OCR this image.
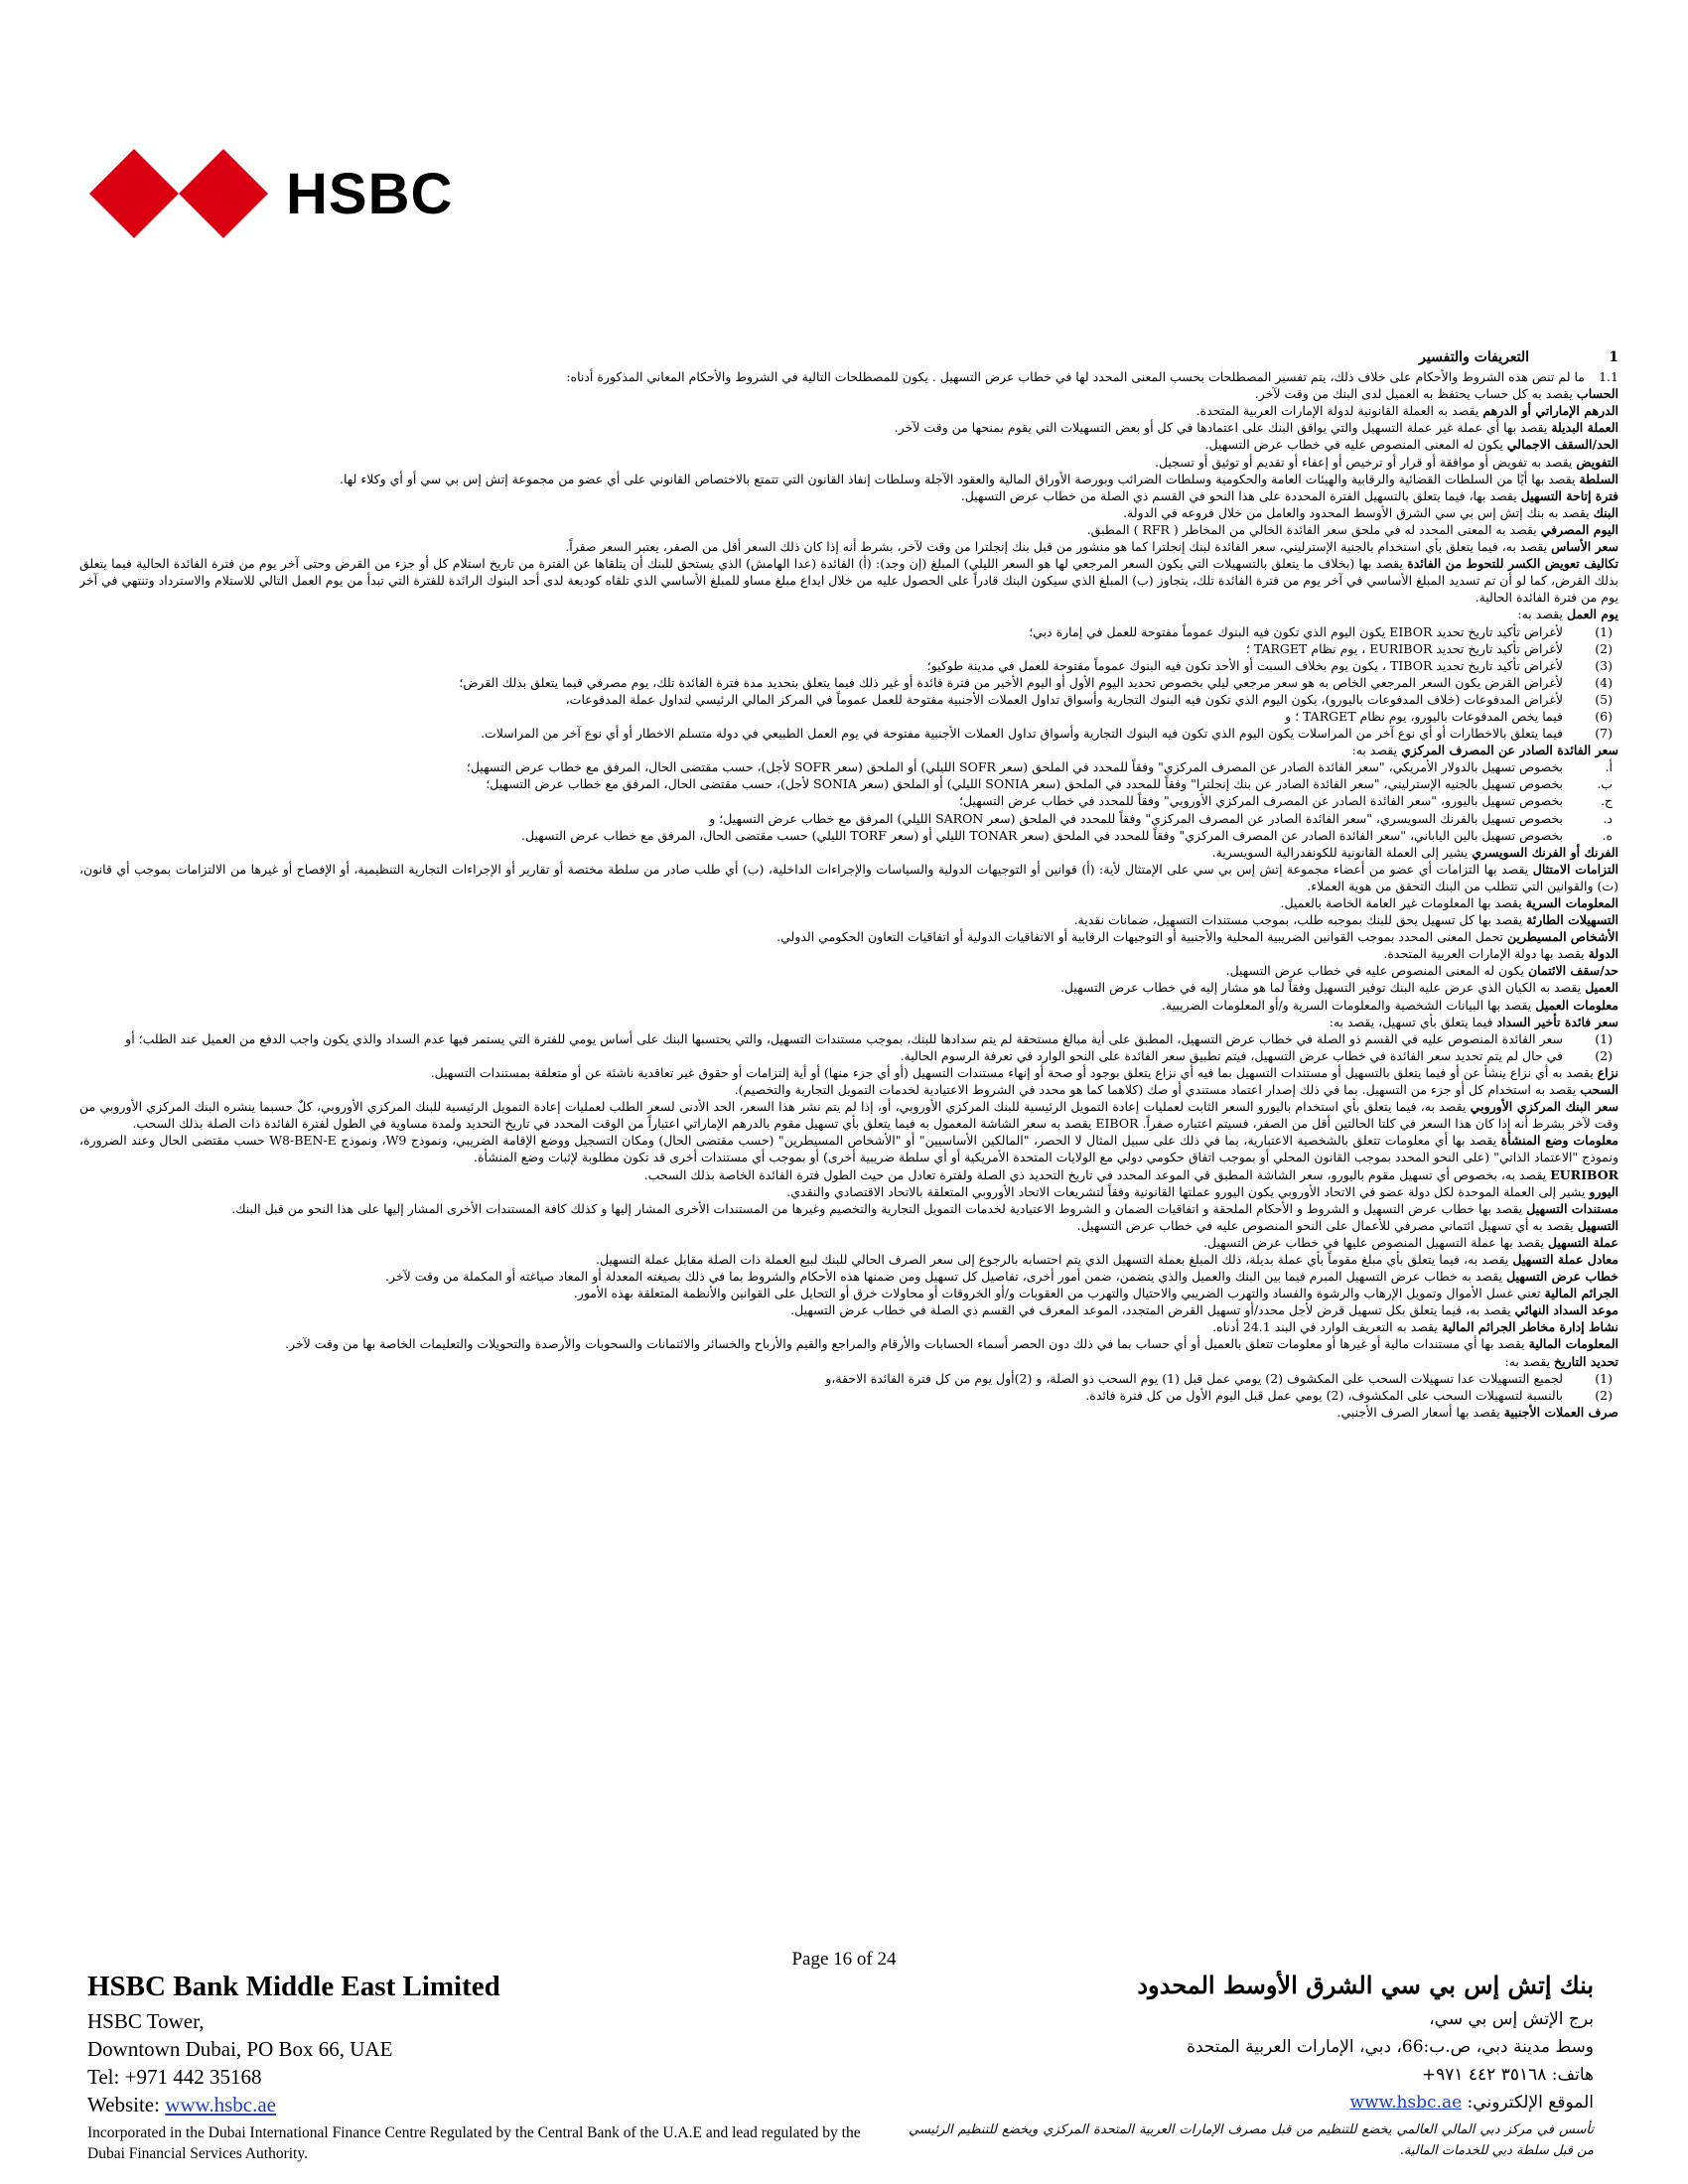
HSBC
1
التعريفات والتفسير
1.1ما لم تنص هذه الشروط والأحكام على خلاف ذلك، يتم تفسير المصطلحات بحسب المعنى المحدد لها في خطاب عرض التسهيل . يكون للمصطلحات التالية في الشروط والأحكام المعاني المذكورة أدناه:
الحساب يقصد به كل حساب يحتفظ به العميل لدى البنك من وقت لآخر.
الدرهم الإماراتي أو الدرهم يقصد به العملة القانونية لدولة الإمارات العربية المتحدة.
العملة البديلة يقصد بها أي عملة غير عملة التسهيل والتي يوافق البنك على اعتمادها في كل أو بعض التسهيلات التي يقوم بمنحها من وقت لآخر.
الحد/السقف الاجمالي يكون له المعنى المنصوص عليه في خطاب عرض التسهيل.
التفويض يقصد به تفويض أو موافقة أو قرار أو ترخيص أو إعفاء أو تقديم أو توثيق أو تسجيل.
السلطة يقصد بها أيًا من السلطات القضائية والرقابية والهيئات العامة والحكومية وسلطات الضرائب وبورصة الأوراق المالية والعقود الآجلة وسلطات إنفاذ القانون التي تتمتع بالاختصاص القانوني على أي عضو من مجموعة إتش إس بي سي أو أي وكلاء لها.
فترة إتاحة التسهيل يقصد بها، فيما يتعلق بالتسهيل الفترة المحددة على هذا النحو في القسم ذي الصلة من خطاب عرض التسهيل.
البنك يقصد به بنك إتش إس بي سي الشرق الأوسط المحدود والعامل من خلال فروعه في الدولة.
اليوم المصرفي يقصد به المعنى المحدد له في ملحق سعر الفائدة الخالي من المخاطر ( RFR ) المطبق.
سعر الأساس يقصد به، فيما يتعلق بأي استخدام بالجنية الإسترليني، سعر الفائدة لبنك إنجلترا كما هو منشور من قبل بنك إنجلترا من وقت لآخر، بشرط أنه إذا كان ذلك السعر أقل من الصفر، يعتبر السعر صفراً.
تكاليف تعويض الكسر للتحوط من الفائدة يقصد بها (بخلاف ما يتعلق بالتسهيلات التي يكون السعر المرجعي لها هو السعر الليلي) المبلغ (إن وجد): (أ) الفائدة (عدا الهامش) الذي يستحق للبنك أن يتلقاها عن الفترة من تاريخ استلام كل أو جزء من القرض وحتى آخر يوم من فترة الفائدة الحالية فيما يتعلق بذلك القرض، كما لو أن تم تسديد المبلغ الأساسي في آخر يوم من فترة الفائدة تلك، يتجاوز (ب) المبلغ الذي سيكون البنك قادراً على الحصول عليه من خلال ايداع مبلغ مساو للمبلغ الأساسي الذي تلقاه كوديعة لدى أحد البنوك الرائدة للفترة التي تبدأ من يوم العمل التالي للاستلام والاسترداد وتنتهي في آخر يوم من فترة الفائدة الحالية.
يوم العمل يقصد به:
(1)
لأغراض تأكيد تاريخ تحديد EIBOR يكون اليوم الذي تكون فيه البنوك عموماً مفتوحة للعمل في إمارة دبي؛
(2)
لأغراض تأكيد تاريخ تحديد EURIBOR ، يوم نظام TARGET ؛
(3)
لأغراض تأكيد تاريخ تحديد TIBOR ، يكون يوم بخلاف السبت أو الأحد تكون فيه البنوك عموماً مفتوحة للعمل في مدينة طوكيو؛
(4)
لأغراض القرض يكون السعر المرجعي الخاص به هو سعر مرجعي ليلي بخصوص تحديد اليوم الأول أو اليوم الأخير من فترة فائدة أو غير ذلك فيما يتعلق بتحديد مدة فترة الفائدة تلك، يوم مصرفي فيما يتعلق بذلك القرض؛
(5)
لأغراض المدفوعات (خلاف المدفوعات باليورو)، يكون اليوم الذي تكون فيه البنوك التجارية وأسواق تداول العملات الأجنبية مفتوحة للعمل عموماً في المركز المالي الرئيسي لتداول عملة المدفوعات،
(6)
فيما يخص المدفوعات باليورو، يوم نظام TARGET ؛ و
(7)
فيما يتعلق بالاخطارات أو أي نوع آخر من المراسلات يكون اليوم الذي تكون فيه البنوك التجارية وأسواق تداول العملات الأجنبية مفتوحة في يوم العمل الطبيعي في دولة متسلم الاخطار أو أي نوع آخر من المراسلات.
سعر الفائدة الصادر عن المصرف المركزي يقصد به:
أ.
بخصوص تسهيل بالدولار الأمريكي، "سعر الفائدة الصادر عن المصرف المركزي" وفقاً للمحدد في الملحق (سعر SOFR الليلي) أو الملحق (سعر SOFR لأجل)، حسب مقتضى الحال، المرفق مع خطاب عرض التسهيل؛
ب.
بخصوص تسهيل بالجنيه الإسترليني، "سعر الفائدة الصادر عن بنك إنجلترا" وفقاً للمحدد في الملحق (سعر SONIA الليلي) أو الملحق (سعر SONIA لأجل)، حسب مقتضى الحال، المرفق مع خطاب عرض التسهيل؛
ج.
بخصوص تسهيل باليورو، "سعر الفائدة الصادر عن المصرف المركزي الأوروبي" وفقاً للمحدد في خطاب عرض التسهيل؛
د.
بخصوص تسهيل بالفرنك السويسري، "سعر الفائدة الصادر عن المصرف المركزي" وفقاً للمحدد في الملحق (سعر SARON الليلي) المرفق مع خطاب عرض التسهيل؛ و
ه.
بخصوص تسهيل بالين الياباني، "سعر الفائدة الصادر عن المصرف المركزي" وفقاً للمحدد في الملحق (سعر TONAR الليلي أو (سعر TORF الليلي) حسب مقتضى الحال، المرفق مع خطاب عرض التسهيل.
الفرنك أو الفرنك السويسري يشير إلى العملة القانونية للكونفدرالية السويسرية.
التزامات الامتثال يقصد بها التزامات أي عضو من أعضاء مجموعة إتش إس بي سي على الإمتثال لأية: (أ) قوانين أو التوجيهات الدولية والسياسات والإجراءات الداخلية، (ب) أي طلب صادر من سلطة مختصة أو تقارير أو الإجراءات التجارية التنظيمية، أو الإفصاح أو غيرها من الالتزامات بموجب أي قانون، (ت) والقوانين التي تتطلب من البنك التحقق من هوية العملاء.
المعلومات السرية يقصد بها المعلومات غير العامة الخاصة بالعميل.
التسهيلات الطارئة يقصد بها كل تسهيل يحق للبنك بموجبه طلب، بموجب مستندات التسهيل، ضمانات نقدية.
الأشخاص المسيطرين تحمل المعنى المحدد بموجب القوانين الضريبية المحلية والأجنبية أو التوجيهات الرقابية أو الاتفاقيات الدولية أو اتفاقيات التعاون الحكومي الدولي.
الدولة يقصد بها دولة الإمارات العربية المتحدة.
حد/سقف الائتمان يكون له المعنى المنصوص عليه في خطاب عرض التسهيل.
العميل يقصد به الكيان الذي عرض عليه البنك توفير التسهيل وفقاً لما هو مشار إليه في خطاب عرض التسهيل.
معلومات العميل يقصد بها البيانات الشخصية والمعلومات السرية و/أو المعلومات الضريبية.
سعر فائدة تأخير السداد فيما يتعلق بأي تسهيل، يقصد به:
(1)
سعر الفائدة المنصوص عليه في القسم ذو الصلة في خطاب عرض التسهيل، المطبق على أية مبالغ مستحقة لم يتم سدادها للبنك، بموجب مستندات التسهيل، والتي يحتسبها البنك على أساس يومي للفترة التي يستمر فيها عدم السداد والذي يكون واجب الدفع من العميل عند الطلب؛ أو
(2)
في حال لم يتم تحديد سعر الفائدة في خطاب عرض التسهيل، فيتم تطبيق سعر الفائدة على النحو الوارد في تعرفة الرسوم الحالية.
نزاع يقصد به أي نزاع ينشأ عن أو فيما يتعلق بالتسهيل أو مستندات التسهيل بما فيه أي نزاع يتعلق بوجود أو صحة أو إنهاء مستندات التسهيل (أو أي جزء منها) أو أية إلتزامات أو حقوق غير تعاقدية ناشئة عن أو متعلقة بمستندات التسهيل.
السحب يقصد به استخدام كل أو جزء من التسهيل. بما في ذلك إصدار اعتماد مستندي أو صك (كلاهما كما هو محدد في الشروط الاعتيادية لخدمات التمويل التجارية والتخصيم).
سعر البنك المركزي الأوروبي يقصد به، فيما يتعلق بأي استخدام باليورو السعر الثابت لعمليات إعادة التمويل الرئيسية للبنك المركزي الأوروبي، أو، إذا لم يتم نشر هذا السعر، الحد الأدنى لسعر الطلب لعمليات إعادة التمويل الرئيسية للبنك المركزي الأوروبي، كلٌ حسبما ينشره البنك المركزي الأوروبي من وقت لآخر بشرط أنه إذا كان هذا السعر في كلتا الحالتين أقل من الصفر، فسيتم اعتباره صفراً. EIBOR يقصد به سعر الشاشة المعمول به فيما يتعلق بأي تسهيل مقوم بالدرهم الإماراتي اعتباراً من الوقت المحدد في تاريخ التحديد ولمدة مساوية في الطول لفترة الفائدة ذات الصلة بذلك السحب.
معلومات وضع المنشأة يقصد بها أي معلومات تتعلق بالشخصية الاعتبارية، بما في ذلك على سبيل المثال لا الحصر، "المالكين الأساسيين" أو "الأشخاص المسيطرين" (حسب مقتضى الحال) ومكان التسجيل ووضع الإقامة الضريبي، ونموذج W9، ونموذج W8-BEN-E حسب مقتضى الحال وعند الضرورة، ونموذج "الاعتماد الذاتي" (على النحو المحدد بموجب القانون المحلي أو بموجب اتفاق حكومي دولي مع الولايات المتحدة الأمريكية أو أي سلطة ضريبية أخرى) أو بموجب أي مستندات أخرى قد تكون مطلوبة لإثبات وضع المنشأة.
EURIBOR يقصد به، بخصوص أي تسهيل مقوم باليورو، سعر الشاشة المطبق في الموعد المحدد في تاريخ التحديد ذي الصلة ولفترة تعادل من حيث الطول فترة الفائدة الخاصة بذلك السحب.
اليورو يشير إلى العملة الموحدة لكل دولة عضو في الاتحاد الأوروبي يكون اليورو عملتها القانونية وفقاً لتشريعات الاتحاد الأوروبي المتعلقة بالاتحاد الاقتصادي والنقدي.
مستندات التسهيل يقصد بها خطاب عرض التسهيل و الشروط و الأحكام الملحقة و اتفاقيات الضمان و الشروط الاعتيادية لخدمات التمويل التجارية والتخصيم وغيرها من المستندات الأخرى المشار إليها و كذلك كافة المستندات الأخرى المشار إليها على هذا النحو من قبل البنك.
التسهيل يقصد به أي تسهيل ائتماني مصرفي للأعمال على النحو المنصوص عليه في خطاب عرض التسهيل.
عملة التسهيل يقصد بها عملة التسهيل المنصوص عليها في خطاب عرض التسهيل.
معادل عملة التسهيل يقصد به، فيما يتعلق بأي مبلغ مقوماً بأي عملة بديلة، ذلك المبلغ بعملة التسهيل الذي يتم احتسابه بالرجوع إلى سعر الصرف الحالي للبنك لبيع العملة ذات الصلة مقابل عملة التسهيل.
خطاب عرض التسهيل يقصد به خطاب عرض التسهيل المبرم فيما بين البنك والعميل والذي يتضمن، ضمن أمور أخرى، تفاصيل كل تسهيل ومن ضمنها هذه الأحكام والشروط بما في ذلك بصيغته المعدلة أو المعاد صياغته أو المكملة من وقت لآخر.
الجرائم المالية تعني غسل الأموال وتمويل الإرهاب والرشوة والفساد والتهرب الضريبي والاحتيال والتهرب من العقوبات و/أو الخروقات أو محاولات خرق أو التحايل على القوانين والأنظمة المتعلقة بهذه الأمور.
موعد السداد النهائي يقصد به، فيما يتعلق بكل تسهيل قرض لأجل محدد/أو تسهيل القرض المتجدد، الموعد المعرف في القسم ذي الصلة في خطاب عرض التسهيل.
نشاط إدارة مخاطر الجرائم المالية يقصد به التعريف الوارد في البند 24.1 أدناه.
المعلومات المالية يقصد بها أي مستندات مالية أو غيرها أو معلومات تتعلق بالعميل أو أي حساب بما في ذلك دون الحصر أسماء الحسابات والأرقام والمراجع والقيم والأرباح والخسائر والائتمانات والسحوبات والأرصدة والتحويلات والتعليمات الخاصة بها من وقت لآخر.
تحديد التاريخ يقصد به:
(1)
لجميع التسهيلات عدا تسهيلات السحب على المكشوف (2) يومي عمل قبل (1) يوم السحب ذو الصلة، و (2)أول يوم من كل فترة الفائدة الاحقة،و
(2)
بالنسبة لتسهيلات السحب على المكشوف، (2) يومي عمل قبل اليوم الأول من كل فترة فائدة.
صرف العملات الأجنبية يقصد بها أسعار الصرف الأجنبي.
Page 16 of 24
HSBC Bank Middle East Limited
HSBC Tower,
Downtown Dubai, PO Box 66, UAE
Tel: +971 442 35168
Website: www.hsbc.ae
بنك إتش إس بي سي الشرق الأوسط المحدود
برج الإتش إس بي سي،
وسط مدينة دبي، ص.ب:66، دبي، الإمارات العربية المتحدة
هاتف: ٣٥١٦٨ ٤٤٢ ٩٧١+
الموقع الإلكتروني: www.hsbc.ae
Incorporated in the Dubai International Finance Centre Regulated by the Central Bank of the U.A.E and lead regulated by the Dubai Financial Services Authority.
تأسس في مركز دبي المالي العالمي يخضع للتنظيم من قبل مصرف الإمارات العربية المتحدة المركزي ويخضع للتنظيم الرئيسي من قبل سلطة دبي للخدمات المالية.
